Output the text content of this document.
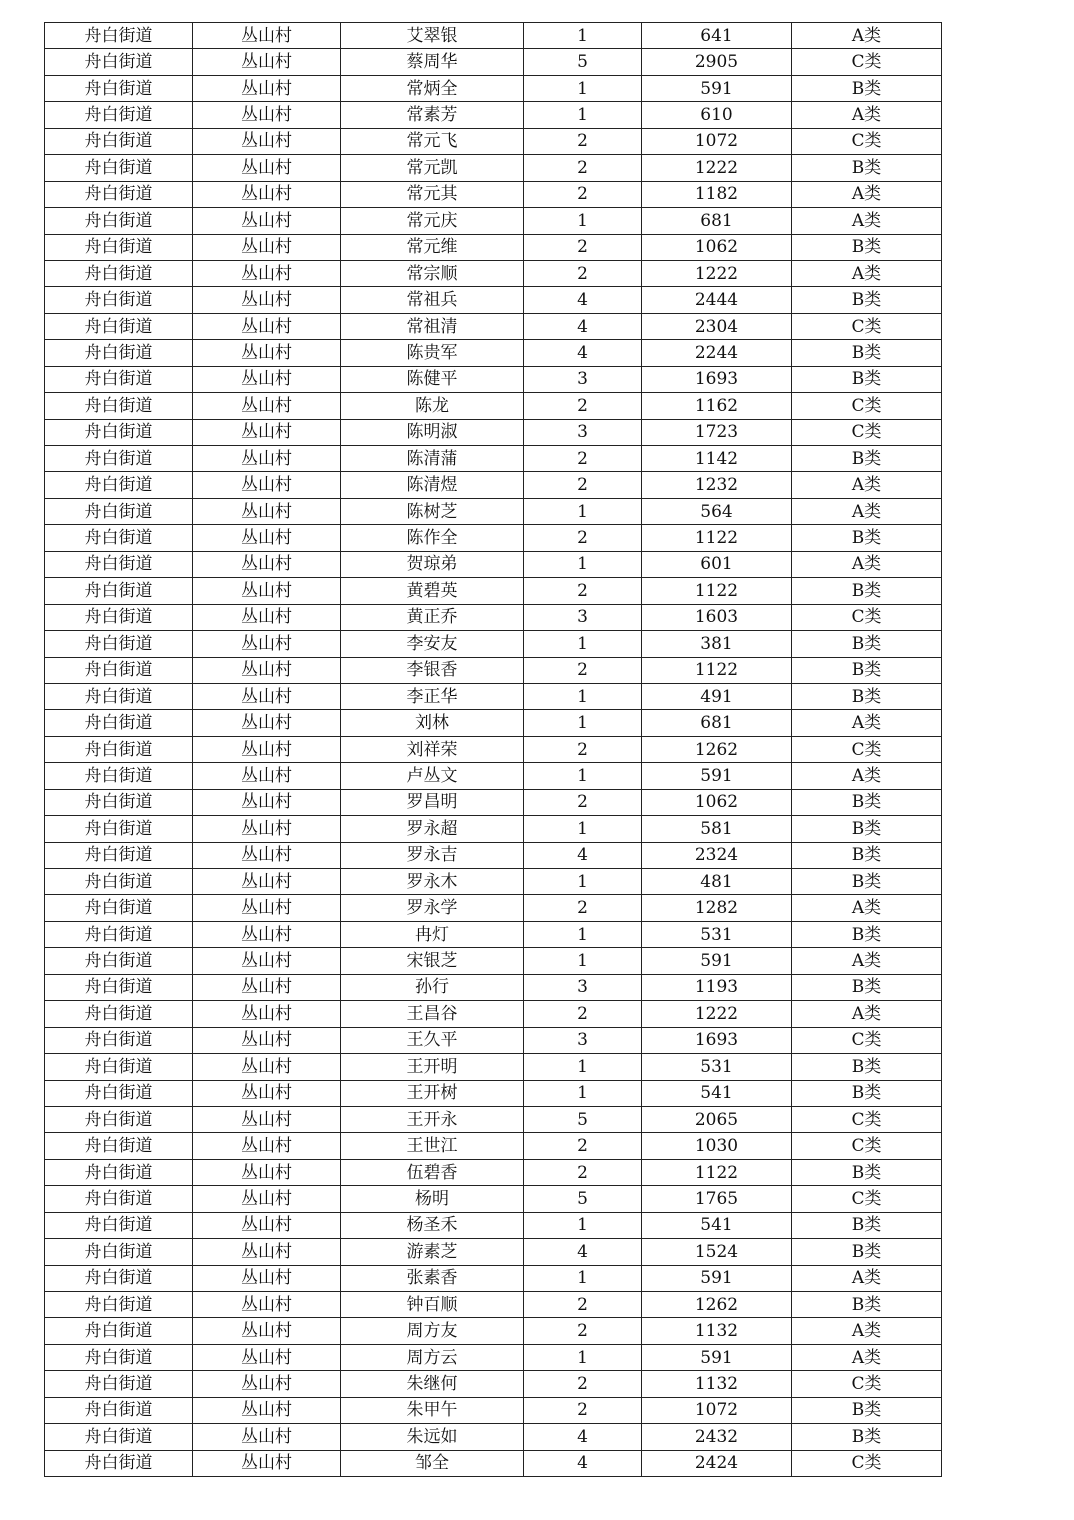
舟白街道	丛山村	艾翠银	1	641	A类
舟白街道	丛山村	蔡周华	5	2905	C类
舟白街道	丛山村	常炳全	1	591	B类
舟白街道	丛山村	常素芳	1	610	A类
舟白街道	丛山村	常元飞	2	1072	C类
舟白街道	丛山村	常元凯	2	1222	B类
舟白街道	丛山村	常元其	2	1182	A类
舟白街道	丛山村	常元庆	1	681	A类
舟白街道	丛山村	常元维	2	1062	B类
舟白街道	丛山村	常宗顺	2	1222	A类
舟白街道	丛山村	常祖兵	4	2444	B类
舟白街道	丛山村	常祖清	4	2304	C类
舟白街道	丛山村	陈贵军	4	2244	B类
舟白街道	丛山村	陈健平	3	1693	B类
舟白街道	丛山村	陈龙	2	1162	C类
舟白街道	丛山村	陈明淑	3	1723	C类
舟白街道	丛山村	陈清蒲	2	1142	B类
舟白街道	丛山村	陈清煜	2	1232	A类
舟白街道	丛山村	陈树芝	1	564	A类
舟白街道	丛山村	陈作全	2	1122	B类
舟白街道	丛山村	贺琼弟	1	601	A类
舟白街道	丛山村	黄碧英	2	1122	B类
舟白街道	丛山村	黄正乔	3	1603	C类
舟白街道	丛山村	李安友	1	381	B类
舟白街道	丛山村	李银香	2	1122	B类
舟白街道	丛山村	李正华	1	491	B类
舟白街道	丛山村	刘林	1	681	A类
舟白街道	丛山村	刘祥荣	2	1262	C类
舟白街道	丛山村	卢丛文	1	591	A类
舟白街道	丛山村	罗昌明	2	1062	B类
舟白街道	丛山村	罗永超	1	581	B类
舟白街道	丛山村	罗永吉	4	2324	B类
舟白街道	丛山村	罗永木	1	481	B类
舟白街道	丛山村	罗永学	2	1282	A类
舟白街道	丛山村	冉灯	1	531	B类
舟白街道	丛山村	宋银芝	1	591	A类
舟白街道	丛山村	孙行	3	1193	B类
舟白街道	丛山村	王昌谷	2	1222	A类
舟白街道	丛山村	王久平	3	1693	C类
舟白街道	丛山村	王开明	1	531	B类
舟白街道	丛山村	王开树	1	541	B类
舟白街道	丛山村	王开永	5	2065	C类
舟白街道	丛山村	王世江	2	1030	C类
舟白街道	丛山村	伍碧香	2	1122	B类
舟白街道	丛山村	杨明	5	1765	C类
舟白街道	丛山村	杨圣禾	1	541	B类
舟白街道	丛山村	游素芝	4	1524	B类
舟白街道	丛山村	张素香	1	591	A类
舟白街道	丛山村	钟百顺	2	1262	B类
舟白街道	丛山村	周方友	2	1132	A类
舟白街道	丛山村	周方云	1	591	A类
舟白街道	丛山村	朱继何	2	1132	C类
舟白街道	丛山村	朱甲午	2	1072	B类
舟白街道	丛山村	朱远如	4	2432	B类
舟白街道	丛山村	邹全	4	2424	C类
